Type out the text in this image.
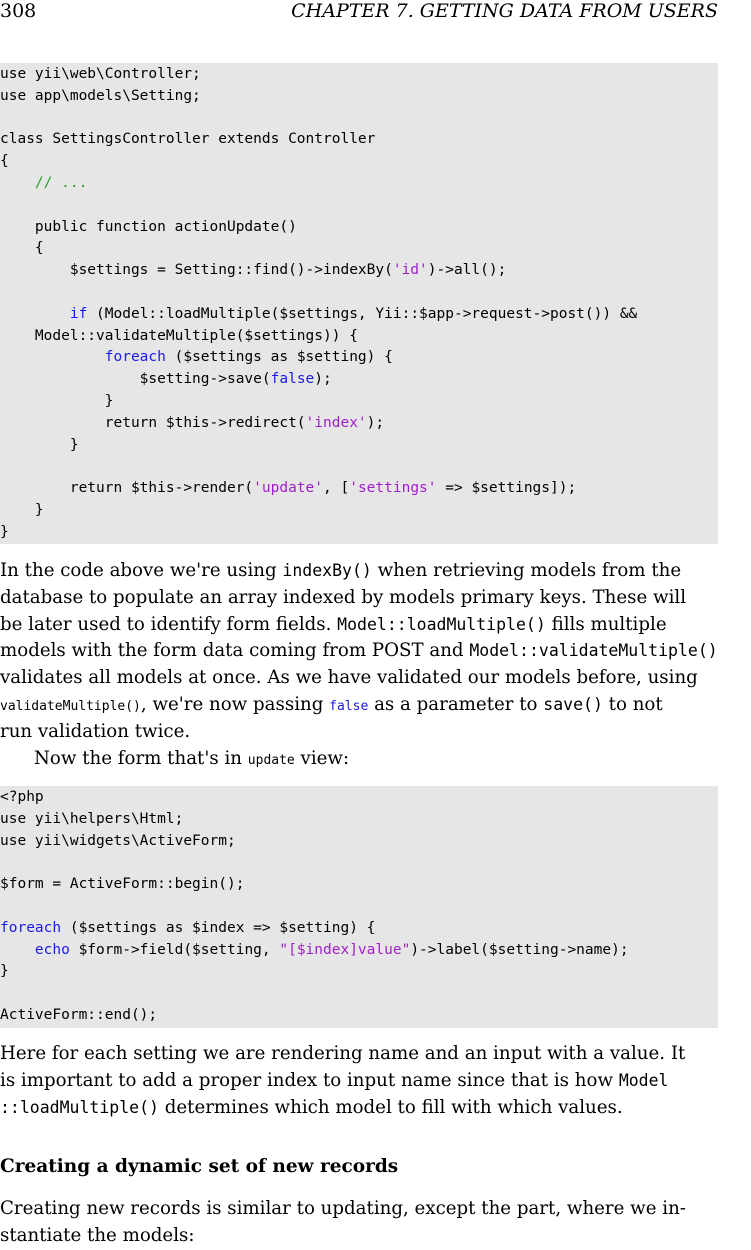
308	CHAPTER 7. GETTING DATA FROM USERS
use yii\web\Controller;
use app\models\Setting;
class SettingsController extends Controller
{
// ...
public function actionUpdate()
{
$settings = Setting::find()->indexBy('id')->all();
if (Model::loadMultiple($settings, Yii::$app->request->post()) &&
Model::validateMultiple($settings)) {
foreach ($settings as $setting) {
$setting->save(false);
}
return $this->redirect('index');
}
return $this->render('update', ['settings' => $settings]);
}
}
In the code above we're using indexBy() when retrieving models from the
database to populate an array indexed by models primary keys. These will
be later used to identify form fields. Model::loadMultiple() fills multiple
models with the form data coming from POST and Model::validateMultiple()
validates all models at once. As we have validated our models before, using
validateMultiple(), we're now passing false as a parameter to save() to not
run validation twice.
Now the form that's in update view:
<?php
use yii\helpers\Html;
use yii\widgets\ActiveForm;
$form = ActiveForm::begin();
foreach ($settings as $index => $setting) {
echo $form->field($setting, "[$index]value")->label($setting->name);
}
ActiveForm::end();
Here for each setting we are rendering name and an input with a value. It
is important to add a proper index to input name since that is how Model
::loadMultiple() determines which model to fill with which values.
Creating a dynamic set of new records
Creating new records is similar to updating, except the part, where we in-
stantiate the models:
